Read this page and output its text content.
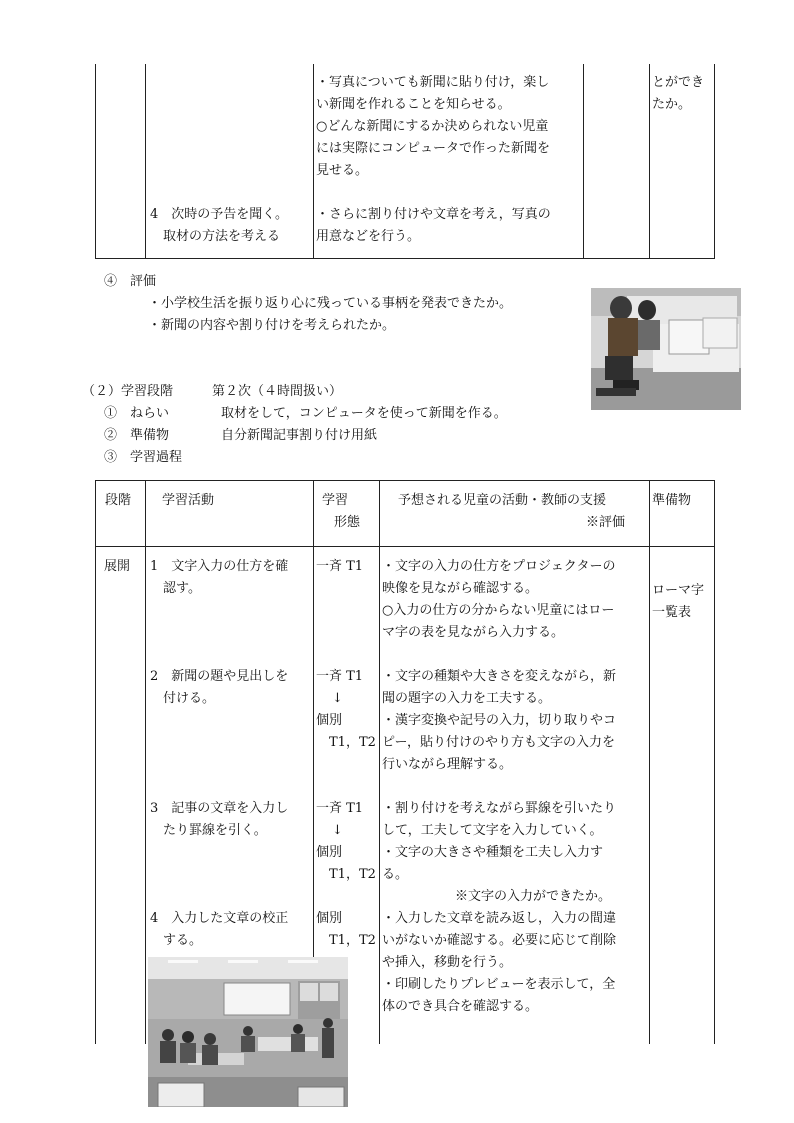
・写真についても新聞に貼り付け，楽し
い新聞を作れることを知らせる。
○どんな新聞にするか決められない児童
には実際にコンピュータで作った新聞を
見せる。
とができ
たか。
4　次時の予告を聞く。
　取材の方法を考える
・さらに割り付けや文章を考え，写真の
用意などを行う。
④　評価
・小学校生活を振り返り心に残っている事柄を発表できたか。
・新聞の内容や割り付けを考えられたか。
（２）学習段階　　　第２次（４時間扱い）
①　ねらい　　　　取材をして，コンピュータを使って新聞を作る。
②　準備物　　　　自分新聞記事割り付け用紙
③　学習過程
段階 学習活動	学習
形態
予想される児童の活動・教師の支援
※評価
準備物
展開
ローマ字
一覧表
1　文字入力の仕方を確
　認す。
一斉 T1 ・文字の入力の仕方をプロジェクターの
映像を見ながら確認する。
○入力の仕方の分からない児童にはロー
マ字の表を見ながら入力する。
2　新聞の題や見出しを
　付ける。
一斉 T1
↓
個別
T1，T2
・文字の種類や大きさを変えながら，新
聞の題字の入力を工夫する。
・漢字変換や記号の入力，切り取りやコ
ピー，貼り付けのやり方も文字の入力を
行いながら理解する。
3　記事の文章を入力し
　たり罫線を引く。
一斉 T1
↓
個別
T1，T2
・割り付けを考えながら罫線を引いたり
して，工夫して文字を入力していく。
・文字の大きさや種類を工夫し入力す
る。
※文字の入力ができたか。
4　入力した文章の校正
　する。
個別
T1，T2
・入力した文章を読み返し，入力の間違
いがないか確認する。必要に応じて削除
や挿入，移動を行う。
・印刷したりプレビューを表示して，全
体のでき具合を確認する。
